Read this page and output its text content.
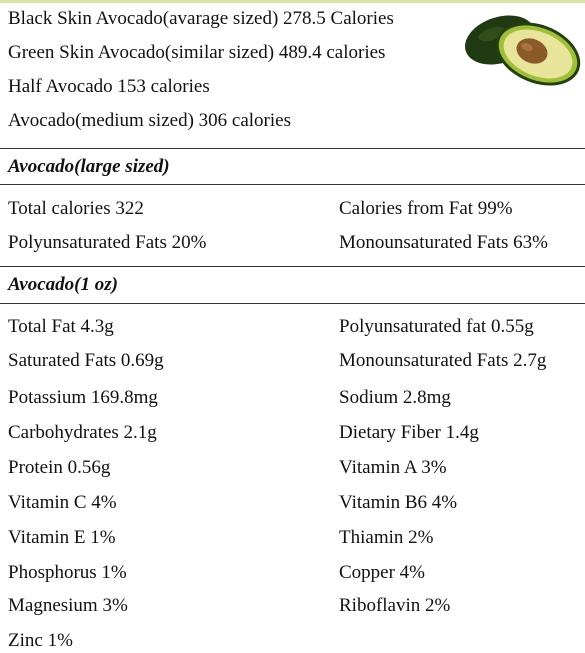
Black Skin Avocado(avarage sized) 278.5 Calories
Green Skin Avocado(similar sized) 489.4 calories
Half Avocado 153 calories
Avocado(medium sized) 306 calories
Avocado(large sized)
Total calories 322	Calories from Fat 99%
Polyunsaturated Fats 20%	Monounsaturated Fats 63%
Avocado(1 oz)
Total Fat 4.3g	Polyunsaturated fat 0.55g
Saturated Fats 0.69g	Monounsaturated Fats 2.7g
Potassium 169.8mg	Sodium 2.8mg
Carbohydrates 2.1g	Dietary Fiber 1.4g
Protein 0.56g	Vitamin A 3%
Vitamin C 4%	Vitamin B6 4%
Vitamin E 1%	Thiamin 2%
Phosphorus 1%	Copper 4%
Magnesium 3%	Riboflavin 2%
Zinc 1%
